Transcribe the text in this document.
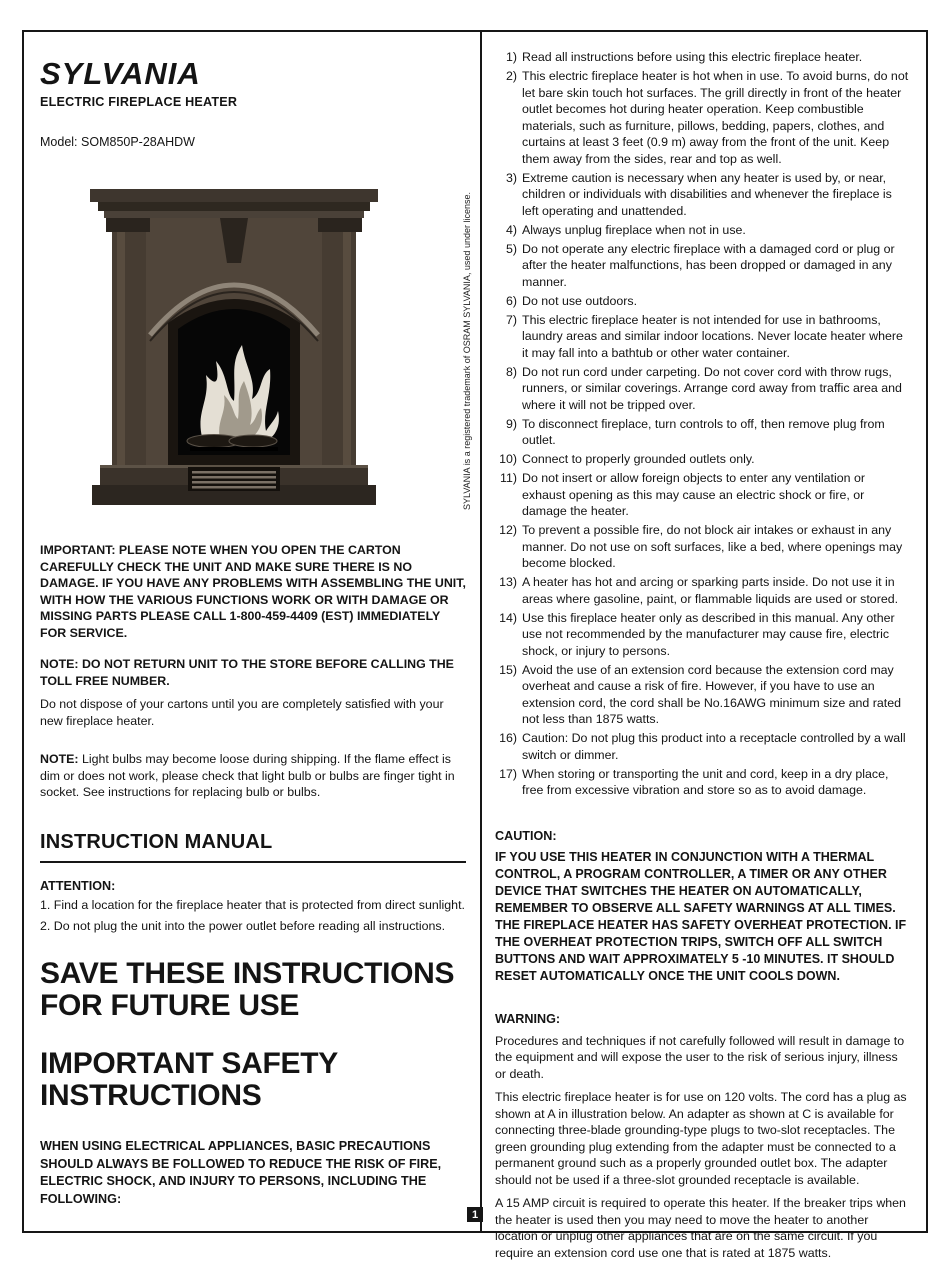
SYLVANIA
ELECTRIC FIREPLACE HEATER
Model: SOM850P-28AHDW
SYLVANIA is a registered trademark of OSRAM SYLVANIA, used under license.

IMPORTANT: PLEASE NOTE WHEN YOU OPEN THE CARTON CAREFULLY CHECK THE UNIT AND MAKE SURE THERE IS NO DAMAGE. IF YOU HAVE ANY PROBLEMS WITH ASSEMBLING THE UNIT, WITH HOW THE VARIOUS FUNCTIONS WORK OR WITH DAMAGE OR MISSING PARTS PLEASE CALL 1-800-459-4409 (EST) IMMEDIATELY FOR SERVICE.

NOTE: DO NOT RETURN UNIT TO THE STORE BEFORE CALLING THE TOLL FREE NUMBER.

Do not dispose of your cartons until you are completely satisfied with your new fireplace heater.

NOTE: Light bulbs may become loose during shipping. If the flame effect is dim or does not work, please check that light bulb or bulbs are finger tight in socket. See instructions for replacing bulb or bulbs.

INSTRUCTION MANUAL
ATTENTION:

1. Find a location for the fireplace heater that is protected from direct sunlight.

2. Do not plug the unit into the power outlet before reading all instructions.

SAVE THESE INSTRUCTIONS
FOR FUTURE USE
IMPORTANT SAFETY
INSTRUCTIONS

WHEN USING ELECTRICAL APPLIANCES, BASIC PRECAUTIONS SHOULD ALWAYS BE FOLLOWED TO REDUCE THE RISK OF FIRE, ELECTRIC SHOCK, AND INJURY TO PERSONS, INCLUDING THE FOLLOWING:

1) Read all instructions before using this electric fireplace heater.
2) This electric fireplace heater is hot when in use. To avoid burns, do not let bare skin touch hot surfaces. The grill directly in front of the heater outlet becomes hot during heater operation. Keep combustible materials, such as furniture, pillows, bedding, papers, clothes, and curtains at least 3 feet (0.9 m) away from the front of the unit. Keep them away from the sides, rear and top as well.
3) Extreme caution is necessary when any heater is used by, or near, children or individuals with disabilities and whenever the fireplace is left operating and unattended.
4) Always unplug fireplace when not in use.
5) Do not operate any electric fireplace with a damaged cord or plug or after the heater malfunctions, has been dropped or damaged in any manner.
6) Do not use outdoors.
7) This electric fireplace heater is not intended for use in bathrooms, laundry areas and similar indoor locations. Never locate heater where it may fall into a bathtub or other water container.
8) Do not run cord under carpeting. Do not cover cord with throw rugs, runners, or similar coverings. Arrange cord away from traffic area and where it will not be tripped over.
9) To disconnect fireplace, turn controls to off, then remove plug from outlet.
10) Connect to properly grounded outlets only.
11) Do not insert or allow foreign objects to enter any ventilation or exhaust opening as this may cause an electric shock or fire, or damage the heater.
12) To prevent a possible fire, do not block air intakes or exhaust in any manner. Do not use on soft surfaces, like a bed, where openings may become blocked.
13) A heater has hot and arcing or sparking parts inside. Do not use it in areas where gasoline, paint, or flammable liquids are used or stored.
14) Use this fireplace heater only as described in this manual. Any other use not recommended by the manufacturer may cause fire, electric shock, or injury to persons.
15) Avoid the use of an extension cord because the extension cord may overheat and cause a risk of fire. However, if you have to use an extension cord, the cord shall be No.16AWG minimum size and rated not less than 1875 watts.
16) Caution: Do not plug this product into a receptacle controlled by a wall switch or dimmer.
17) When storing or transporting the unit and cord, keep in a dry place, free from excessive vibration and store so as to avoid damage.
CAUTION:

IF YOU USE THIS HEATER IN CONJUNCTION WITH A THERMAL CONTROL, A PROGRAM CONTROLLER, A TIMER OR ANY OTHER DEVICE THAT SWITCHES THE HEATER ON AUTOMATICALLY, REMEMBER TO OBSERVE ALL SAFETY WARNINGS AT ALL TIMES. THE FIREPLACE HEATER HAS SAFETY OVERHEAT PROTECTION. IF THE OVERHEAT PROTECTION TRIPS, SWITCH OFF ALL SWITCH BUTTONS AND WAIT APPROXIMATELY 5 -10 MINUTES. IT SHOULD RESET AUTOMATICALLY ONCE THE UNIT COOLS DOWN.

WARNING:

Procedures and techniques if not carefully followed will result in damage to the equipment and will expose the user to the risk of serious injury, illness or death.

This electric fireplace heater is for use on 120 volts. The cord has a plug as shown at A in illustration below. An adapter as shown at C is available for connecting three-blade grounding-type plugs to two-slot receptacles. The green grounding plug extending from the adapter must be connected to a permanent ground such as a properly grounded outlet box. The adapter should not be used if a three-slot grounded receptacle is available.

A 15 AMP circuit is required to operate this heater. If the breaker trips when the heater is used then you may need to move the heater to another location or unplug other appliances that are on the same circuit. If you require an extension cord use one that is rated at 1875 watts.

1
